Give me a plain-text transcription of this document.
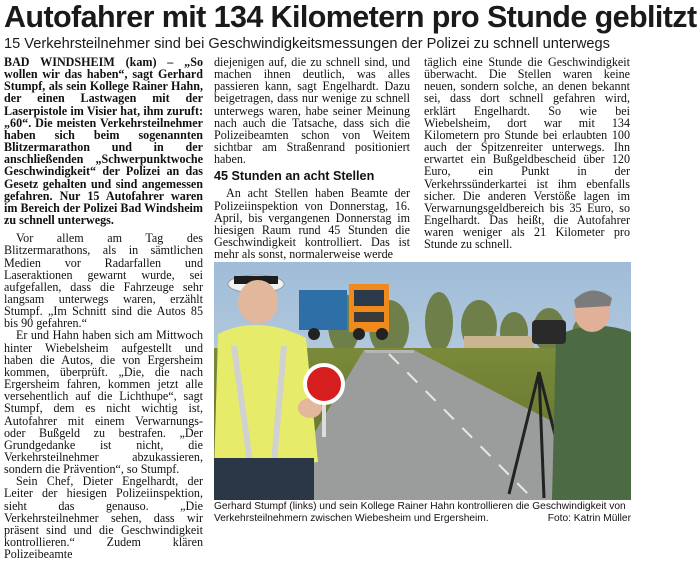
Autofahrer mit 134 Kilometern pro Stunde geblitzt
15 Verkehrsteilnehmer sind bei Geschwindigkeitsmessungen der Polizei zu schnell unterwegs

BAD WINDSHEIM (kam) – „So wollen wir das haben“, sagt Gerhard Stumpf, als sein Kollege Rainer Hahn, der einen Lastwagen mit der Laserpistole im Visier hat, ihm zuruft: „60“. Die meisten Verkehrsteilnehmer haben sich beim sogenannten Blitzermarathon und in der anschließenden „Schwerpunktwoche Geschwindigkeit“ der Polizei an das Gesetz gehalten und sind angemessen gefahren. Nur 15 Autofahrer waren im Bereich der Polizei Bad Windsheim zu schnell unterwegs.

Vor allem am Tag des Blitzermarathons, als in sämtlichen Medien vor Radarfallen und Laseraktionen gewarnt wurde, sei aufgefallen, dass die Fahrzeuge sehr langsam unterwegs waren, erzählt Stumpf. „Im Schnitt sind die Autos 85 bis 90 gefahren.“

Er und Hahn haben sich am Mittwoch hinter Wiebelsheim aufgestellt und haben die Autos, die von Ergersheim kommen, überprüft. „Die, die nach Ergersheim fahren, kommen jetzt alle versehentlich auf die Lichthupe“, sagt Stumpf, dem es nicht wichtig ist, Autofahrer mit einem Verwarnungs- oder Bußgeld zu bestrafen. „Der Grundgedanke ist nicht, die Verkehrsteilnehmer abzukassieren, sondern die Prävention“, so Stumpf.

Sein Chef, Dieter Engelhardt, der Leiter der hiesigen Polizeiinspektion, sieht das genauso. „Die Verkehrsteilnehmer sehen, dass wir präsent sind und die Geschwindigkeit kontrollieren.“ Zudem klären Polizeibeamte

diejenigen auf, die zu schnell sind, und machen ihnen deutlich, was alles passieren kann, sagt Engelhardt. Dazu beigetragen, dass nur wenige zu schnell unterwegs waren, habe seiner Meinung nach auch die Tatsache, dass sich die Polizeibeamten schon von Weitem sichtbar am Straßenrand positioniert haben.

45 Stunden an acht Stellen

An acht Stellen haben Beamte der Polizeiinspektion von Donnerstag, 16. April, bis vergangenen Donnerstag im hiesigen Raum rund 45 Stunden die Geschwindigkeit kontrolliert. Das ist mehr als sonst, normalerweise werde

täglich eine Stunde die Geschwindigkeit überwacht. Die Stellen waren keine neuen, sondern solche, an denen bekannt sei, dass dort schnell gefahren wird, erklärt Engelhardt. So wie bei Wiebelsheim, dort war mit 134 Kilometern pro Stunde bei erlaubten 100 auch der Spitzenreiter unterwegs. Ihn erwartet ein Bußgeldbescheid über 120 Euro, ein Punkt in der Verkehrssünderkartei ist ihm ebenfalls sicher. Die anderen Verstöße lagen im Verwarnungsgeldbereich bis 35 Euro, so Engelhardt. Das heißt, die Autofahrer waren weniger als 21 Kilometer pro Stunde zu schnell.

Gerhard Stumpf (links) und sein Kollege Rainer Hahn kontrollieren die Geschwindigkeit von Verkehrsteilnehmern zwischen Wiebesheim und Ergersheim.	Foto: Katrin Müller
